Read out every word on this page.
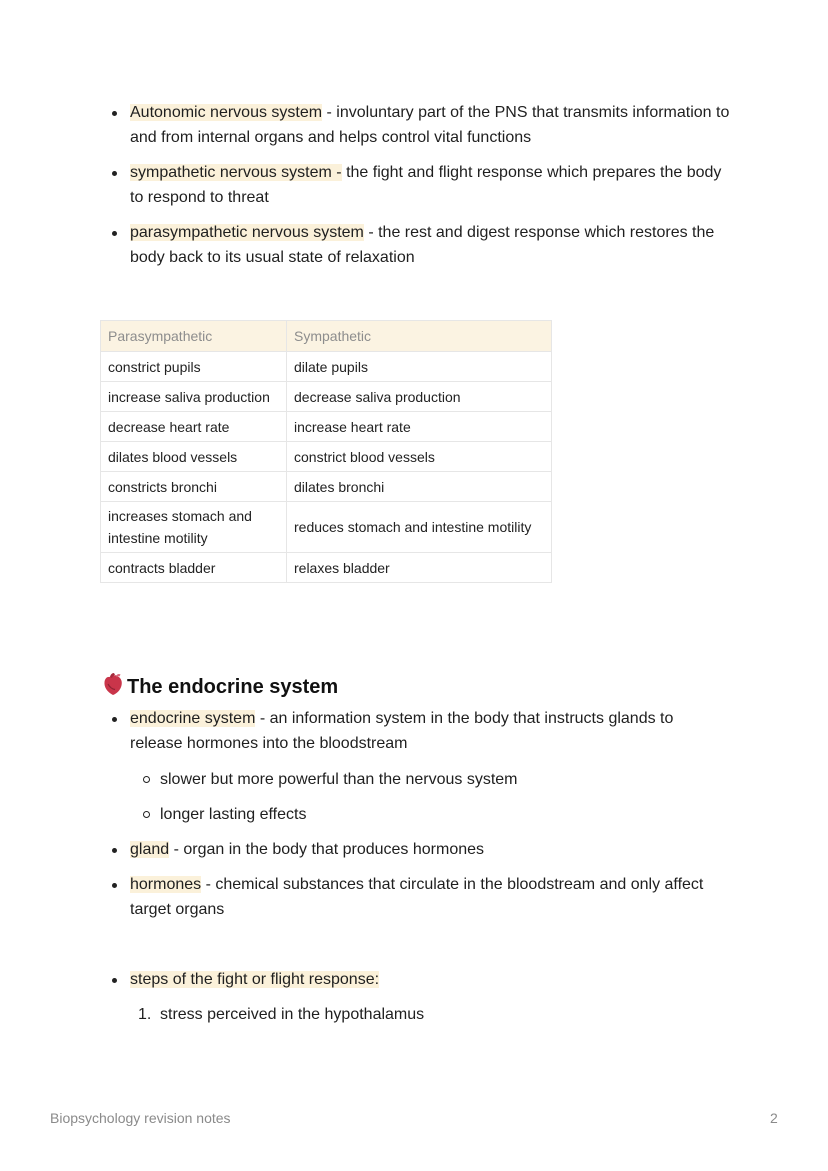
Autonomic nervous system - involuntary part of the PNS that transmits information to and from internal organs and helps control vital functions
sympathetic nervous system - the fight and flight response which prepares the body to respond to threat
parasympathetic nervous system - the rest and digest response which restores the body back to its usual state of relaxation
Parasympathetic	Sympathetic
constrict pupils	dilate pupils
increase saliva production	decrease saliva production
decrease heart rate	increase heart rate
dilates blood vessels	constrict blood vessels
constricts bronchi	dilates bronchi
increases stomach and intestine motility	reduces stomach and intestine motility
contracts bladder	relaxes bladder
The endocrine system
endocrine system - an information system in the body that instructs glands to release hormones into the bloodstream
slower but more powerful than the nervous system
longer lasting effects
gland - organ in the body that produces hormones
hormones - chemical substances that circulate in the bloodstream and only affect target organs
steps of the fight or flight response:
1. stress perceived in the hypothalamus
Biopsychology revision notes	2
